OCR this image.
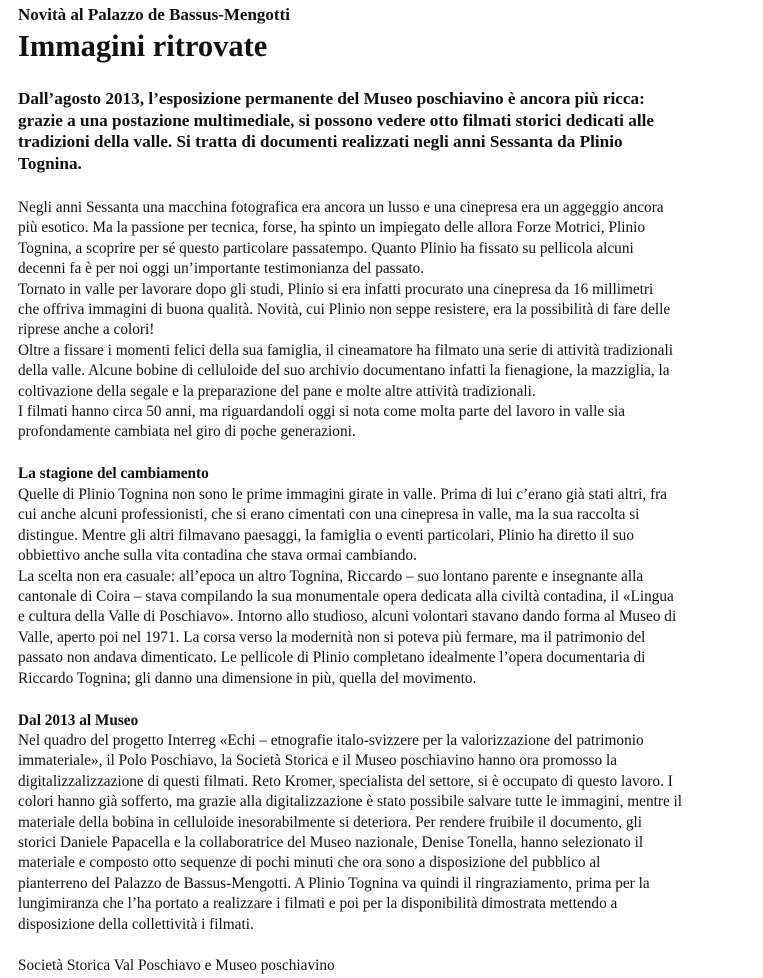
Novità al Palazzo de Bassus-Mengotti
Immagini ritrovate
Dall’agosto 2013, l’esposizione permanente del Museo poschiavino è ancora più ricca:
grazie a una postazione multimediale, si possono vedere otto filmati storici dedicati alle
tradizioni della valle. Si tratta di documenti realizzati negli anni Sessanta da Plinio
Tognina.
Negli anni Sessanta una macchina fotografica era ancora un lusso e una cinepresa era un aggeggio ancora
più esotico. Ma la passione per tecnica, forse, ha spinto un impiegato delle allora Forze Motrici, Plinio
Tognina, a scoprire per sé questo particolare passatempo. Quanto Plinio ha fissato su pellicola alcuni
decenni fa è per noi oggi un’importante testimonianza del passato.
Tornato in valle per lavorare dopo gli studi, Plinio si era infatti procurato una cinepresa da 16 millimetri
che offriva immagini di buona qualità. Novità, cui Plinio non seppe resistere, era la possibilità di fare delle
riprese anche a colori!
Oltre a fissare i momenti felici della sua famiglia, il cineamatore ha filmato una serie di attività tradizionali
della valle. Alcune bobine di celluloide del suo archivio documentano infatti la fienagione, la mazziglia, la
coltivazione della segale e la preparazione del pane e molte altre attività tradizionali.
I filmati hanno circa 50 anni, ma riguardandoli oggi si nota come molta parte del lavoro in valle sia
profondamente cambiata nel giro di poche generazioni.
La stagione del cambiamento
Quelle di Plinio Tognina non sono le prime immagini girate in valle. Prima di lui c’erano già stati altri, fra
cui anche alcuni professionisti, che si erano cimentati con una cinepresa in valle, ma la sua raccolta si
distingue. Mentre gli altri filmavano paesaggi, la famiglia o eventi particolari, Plinio ha diretto il suo
obbiettivo anche sulla vita contadina che stava ormai cambiando.
La scelta non era casuale: all’epoca un altro Tognina, Riccardo – suo lontano parente e insegnante alla
cantonale di Coira – stava compilando la sua monumentale opera dedicata alla civiltà contadina, il «Lingua
e cultura della Valle di Poschiavo». Intorno allo studioso, alcuni volontari stavano dando forma al Museo di
Valle, aperto poi nel 1971. La corsa verso la modernità non si poteva più fermare, ma il patrimonio del
passato non andava dimenticato. Le pellicole di Plinio completano idealmente l’opera documentaria di
Riccardo Tognina; gli danno una dimensione in più, quella del movimento.
Dal 2013 al Museo
Nel quadro del progetto Interreg «Echi – etnografie italo-svizzere per la valorizzazione del patrimonio
immateriale», il Polo Poschiavo, la Società Storica e il Museo poschiavino hanno ora promosso la
digitalizzalizzazione di questi filmati. Reto Kromer, specialista del settore, si è occupato di questo lavoro. I
colori hanno già sofferto, ma grazie alla digitalizzazione è stato possibile salvare tutte le immagini, mentre il
materiale della bobina in celluloide inesorabilmente si deteriora. Per rendere fruibile il documento, gli
storici Daniele Papacella e la collaboratrice del Museo nazionale, Denise Tonella, hanno selezionato il
materiale e composto otto sequenze di pochi minuti che ora sono a disposizione del pubblico al
pianterreno del Palazzo de Bassus-Mengotti. A Plinio Tognina va quindi il ringraziamento, prima per la
lungimiranza che l’ha portato a realizzare i filmati e poi per la disponibilità dimostrata mettendo a
disposizione della collettività i filmati.

Società Storica Val Poschiavo e Museo poschiavino
